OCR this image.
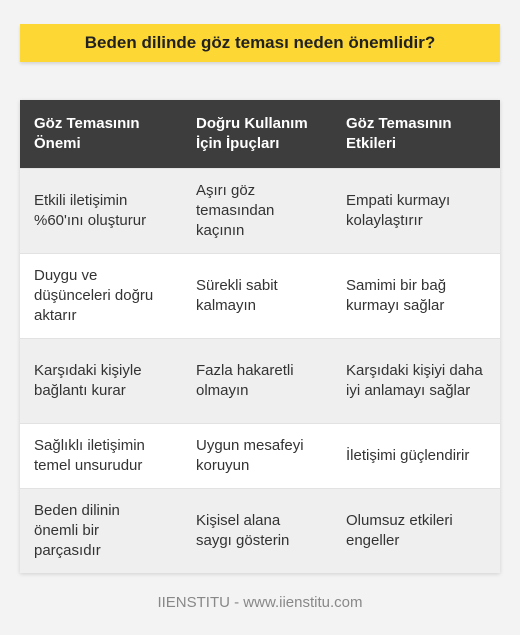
Beden dilinde göz teması neden önemlidir?
Göz Temasının Önemi	Doğru Kullanım İçin İpuçları	Göz Temasının Etkileri
Etkili iletişimin %60'ını oluşturur	Aşırı göz temasından kaçının	Empati kurmayı kolaylaştırır
Duygu ve düşünceleri doğru aktarır	Sürekli sabit kalmayın	Samimi bir bağ kurmayı sağlar
Karşıdaki kişiyle bağlantı kurar	Fazla hakaretli olmayın	Karşıdaki kişiyi daha iyi anlamayı sağlar
Sağlıklı iletişimin temel unsurudur	Uygun mesafeyi koruyun	İletişimi güçlendirir
Beden dilinin önemli bir parçasıdır	Kişisel alana saygı gösterin	Olumsuz etkileri engeller
IIENSTITU - www.iienstitu.com
